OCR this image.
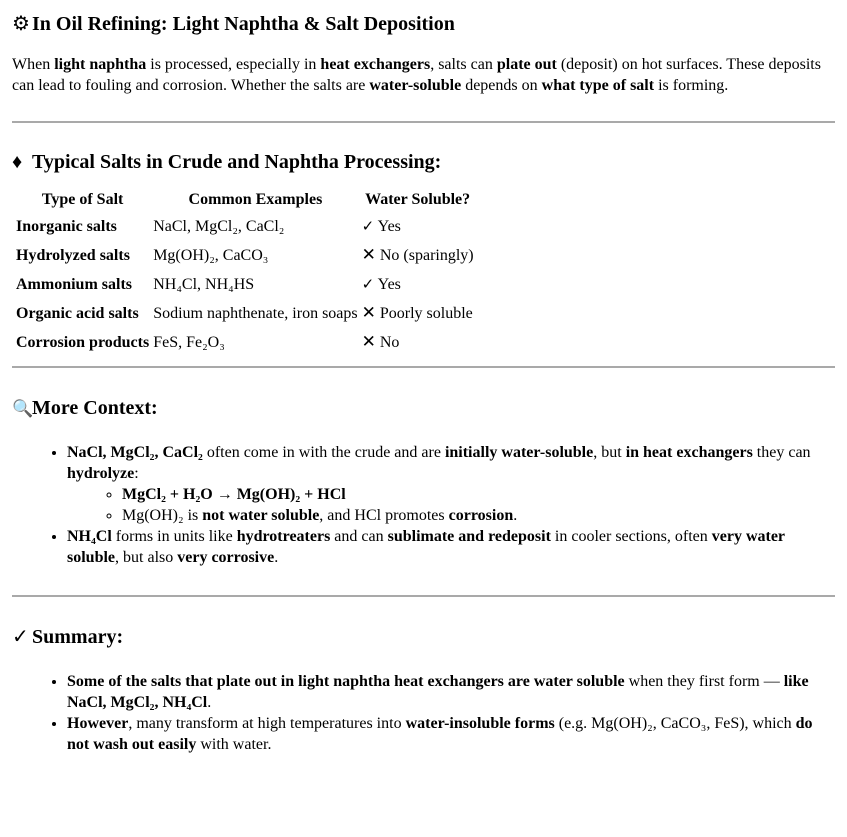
⚙ In Oil Refining: Light Naphtha & Salt Deposition

When light naphtha is processed, especially in heat exchangers, salts can plate out (deposit) on hot surfaces. These deposits can lead to fouling and corrosion. Whether the salts are water-soluble depends on what type of salt is forming.

♦ Typical Salts in Crude and Naphtha Processing:
Type of Salt	Common Examples	Water Soluble?
Inorganic salts	NaCl, MgCl₂, CaCl₂	✓ Yes
Hydrolyzed salts	Mg(OH)₂, CaCO₃	✕ No (sparingly)
Ammonium salts	NH₄Cl, NH₄HS	✓ Yes
Organic acid salts	Sodium naphthenate, iron soaps	✕ Poorly soluble
Corrosion products	FeS, Fe₂O₃	✕ No
🔍More Context:
• NaCl, MgCl₂, CaCl₂ often come in with the crude and are initially water-soluble, but in heat exchangers they can hydrolyze:
◦ MgCl₂ + H₂O → Mg(OH)₂ + HCl
◦ Mg(OH)₂ is not water soluble, and HCl promotes corrosion.
• NH₄Cl forms in units like hydrotreaters and can sublimate and redeposit in cooler sections, often very water soluble, but also very corrosive.
✓ Summary:
• Some of the salts that plate out in light naphtha heat exchangers are water soluble when they first form — like NaCl, MgCl₂, NH₄Cl.
• However, many transform at high temperatures into water-insoluble forms (e.g. Mg(OH)₂, CaCO₃, FeS), which do not wash out easily with water.
